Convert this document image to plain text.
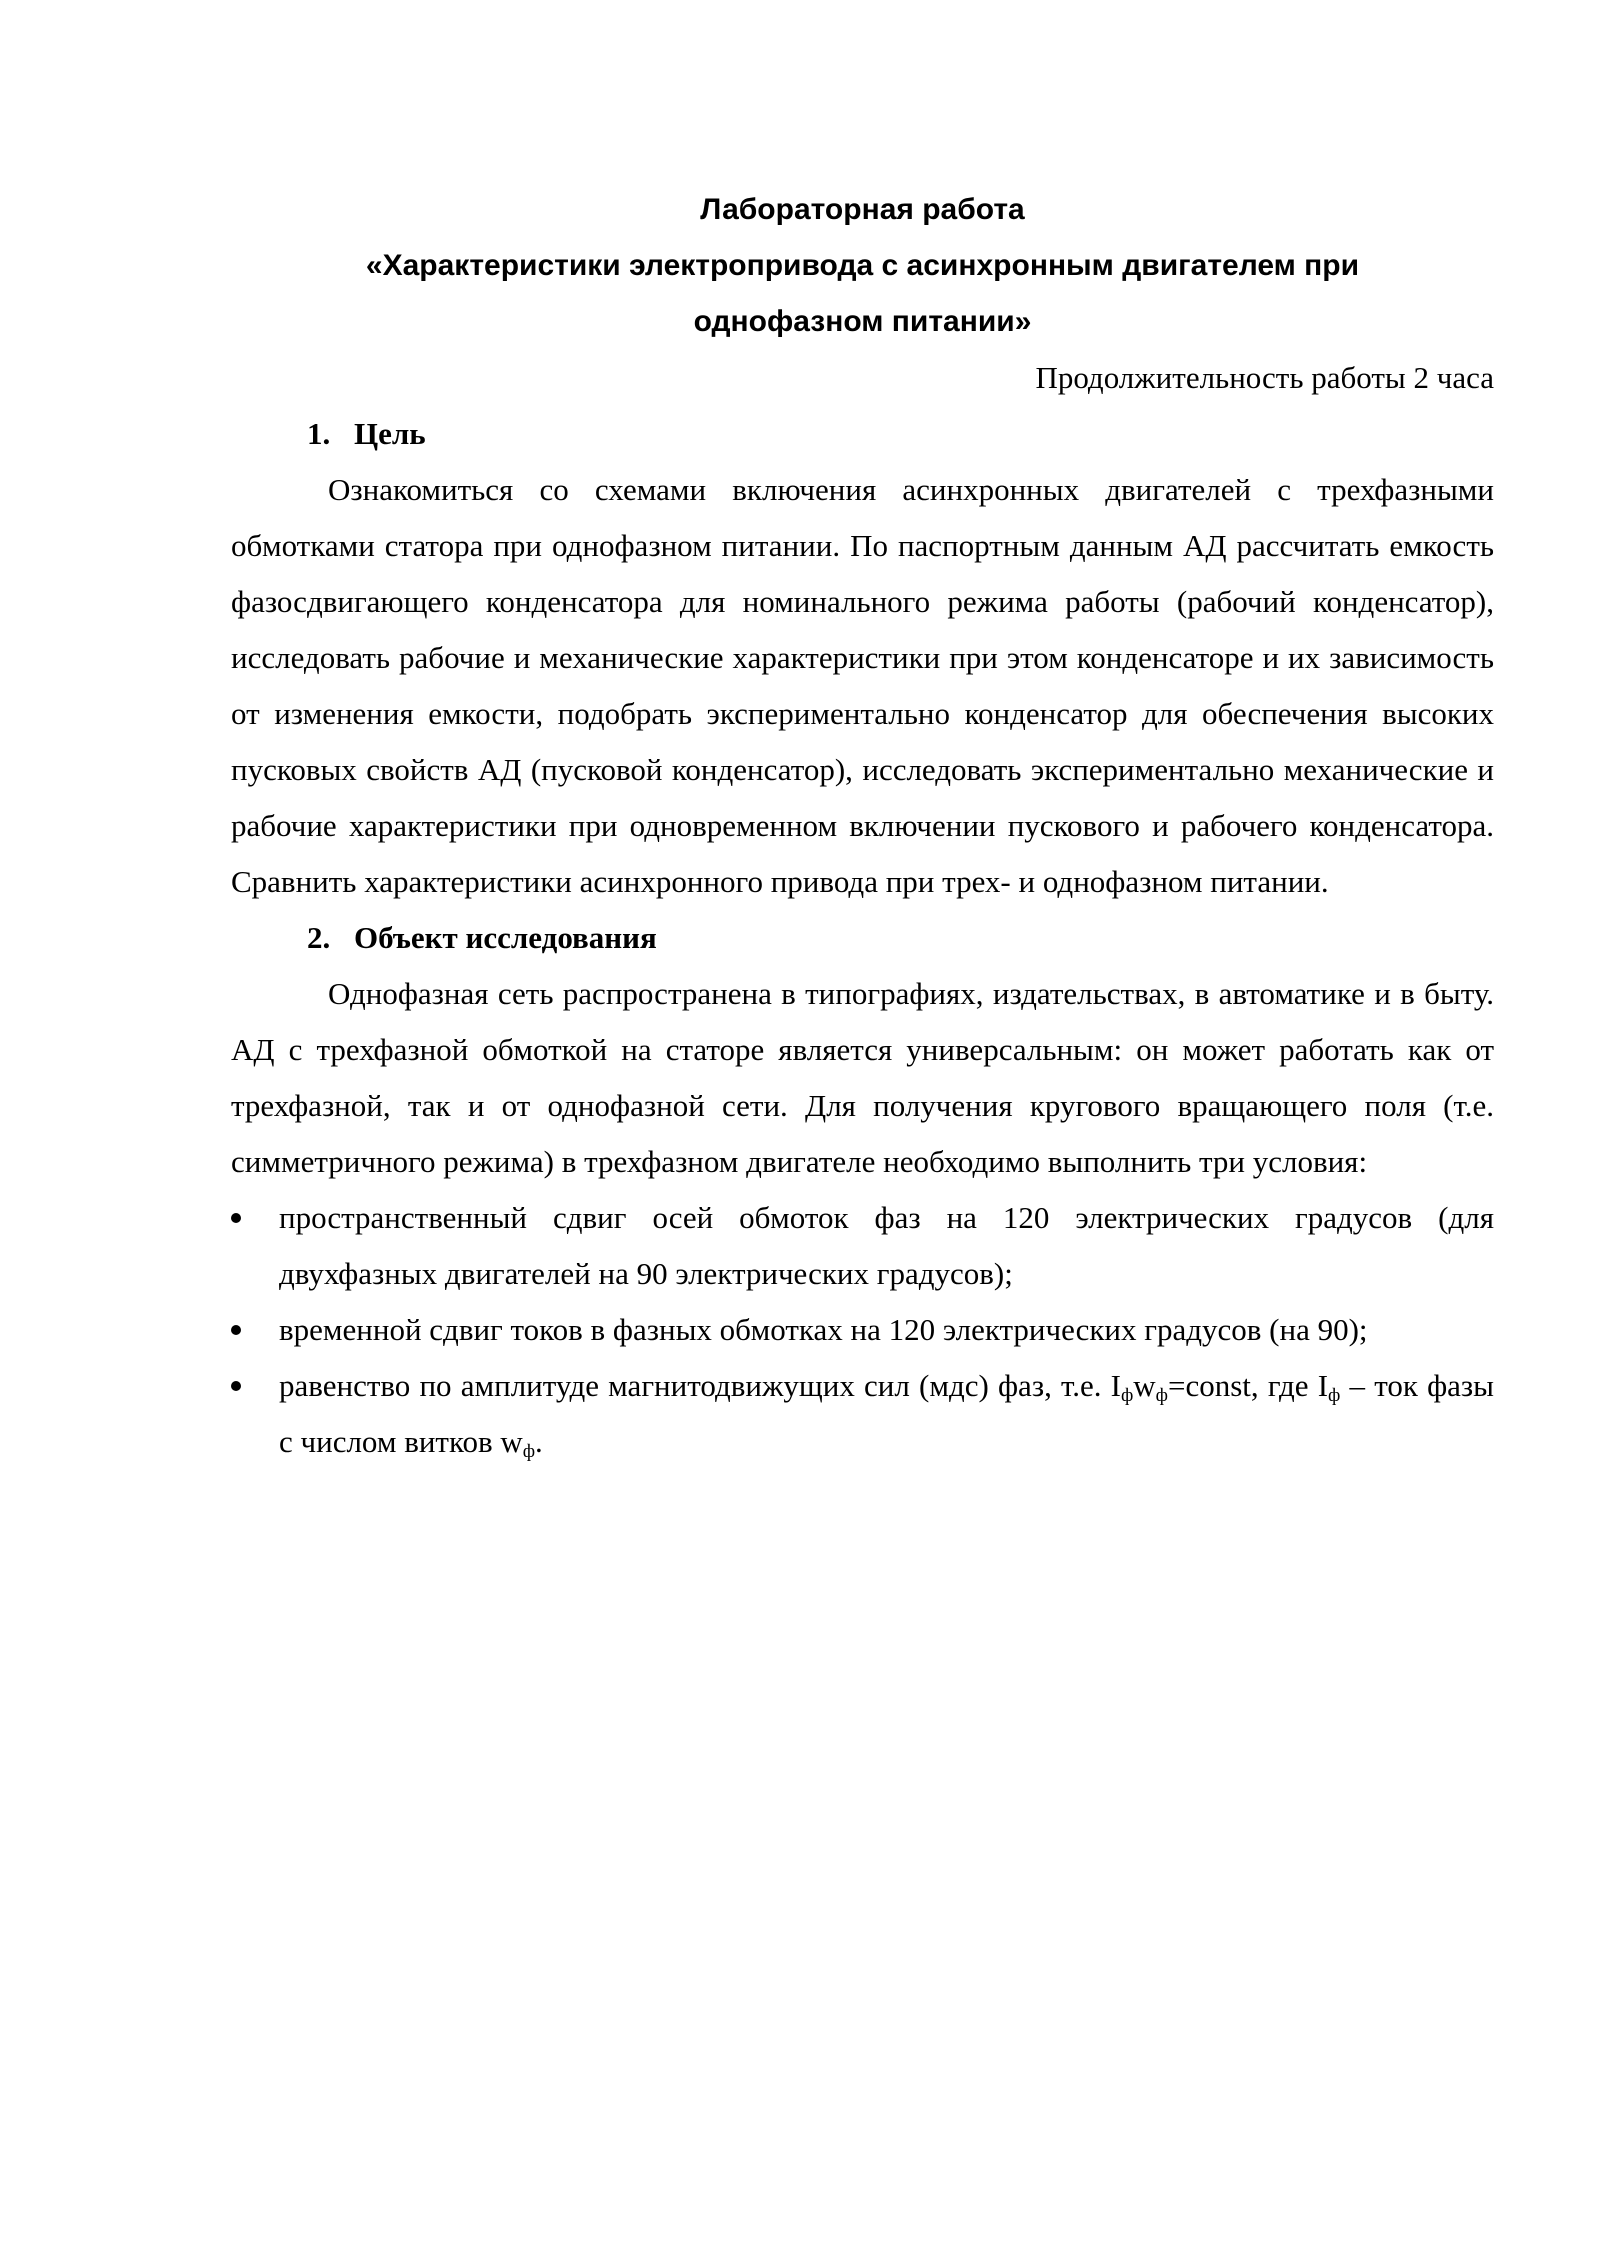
Лабораторная работа

«Характеристики электропривода с асинхронным двигателем при

однофазном питании»

Продолжительность работы 2 часа

1. Цель

Ознакомиться со схемами включения асинхронных двигателей с трехфазными обмотками статора при однофазном питании. По паспортным данным АД рассчитать емкость фазосдвигающего конденсатора для номинального режима работы (рабочий конденсатор), исследовать рабочие и механические характеристики при этом конденсаторе и их зависимость от изменения емкости, подобрать экспериментально конденсатор для обеспечения высоких пусковых свойств АД (пусковой конденсатор), исследовать экспериментально механические и рабочие характеристики при одновременном включении пускового и рабочего конденсатора. Сравнить характеристики асинхронного привода при трех- и однофазном питании.

2. Объект исследования

Однофазная сеть распространена в типографиях, издательствах, в автоматике и в быту. АД с трехфазной обмоткой на статоре является универсальным: он может работать как от трехфазной, так и от однофазной сети. Для получения кругового вращающего поля (т.е. симметричного режима) в трехфазном двигателе необходимо выполнить три условия:

пространственный сдвиг осей обмоток фаз на 120 электрических градусов (для двухфазных двигателей на 90 электрических градусов);
временной сдвиг токов в фазных обмотках на 120 электрических градусов (на 90);
равенство по амплитуде магнитодвижущих сил (мдс) фаз, т.е. $I_фw_ф=const$, где $I_ф$ – ток фазы с числом витков $w_ф$.
